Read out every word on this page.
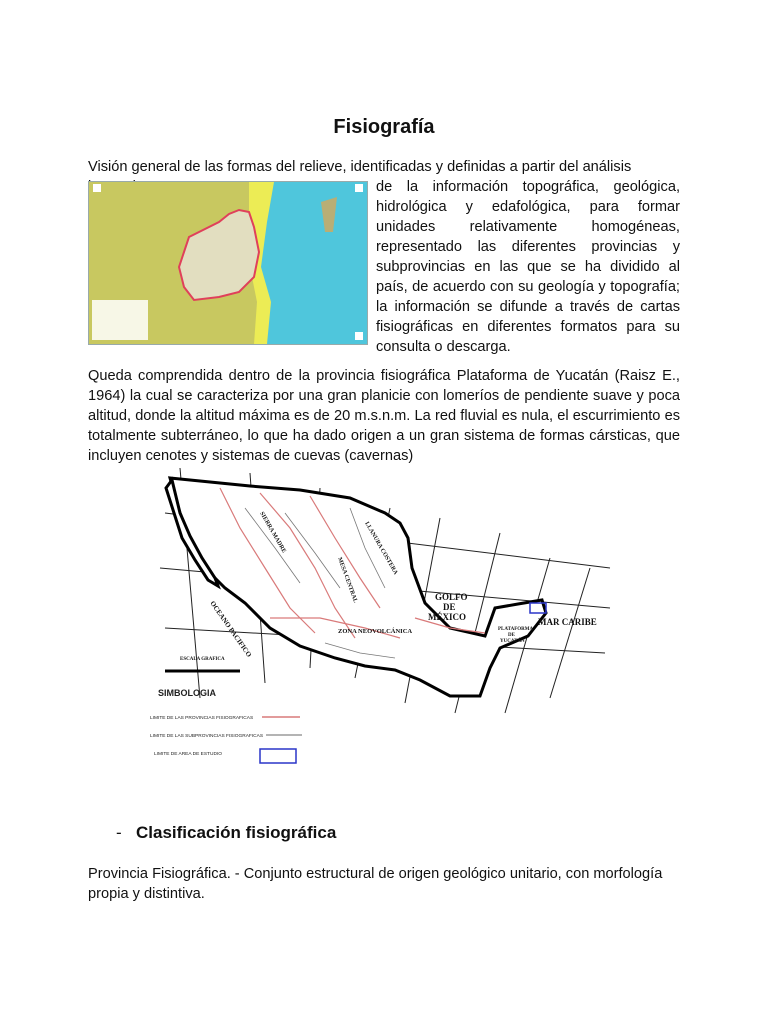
Fisiografía
Visión general de las formas del relieve, identificadas y definidas a partir del análisis
de la información topográfica, geológica, hidrológica y edafológica, para formar unidades relativamente homogéneas, representado las diferentes provincias y subprovincias en las que se ha dividido al país, de acuerdo con su geología y topografía; la información se difunde a través de cartas fisiográficas en diferentes formatos para su consulta o descarga.
Queda comprendida dentro de la provincia fisiográfica Plataforma de Yucatán (Raisz E., 1964) la cual se caracteriza por una gran planicie con lomeríos de pendiente suave y poca altitud, donde la altitud máxima es de 20 m.s.n.m. La red fluvial es nula, el escurrimiento es totalmente subterráneo, lo que ha dado origen a un gran sistema de formas cársticas, que incluyen cenotes y sistemas de cuevas (cavernas)
GOLFO
DE
MÉXICO	MAR CARIBE
OCEANO PACIFICO	ZONA NEOVOLCÁNICA	PLATAFORMA
DE
YUCATÁN
SIERRA MADRE	LLANURA COSTERA
MESA CENTRAL
ESCALA GRAFICA
SIMBOLOGIA
LIMITE DE LAS PROVINCIAS FISIOGRAFICAS
LIMITE DE LAS SUBPROVINCIAS FISIOGRAFICAS
LIMITE DE AREA DE ESTUDIO
- Clasificación fisiográfica
Provincia Fisiográfica. - Conjunto estructural de origen geológico unitario, con morfología propia y distintiva.
